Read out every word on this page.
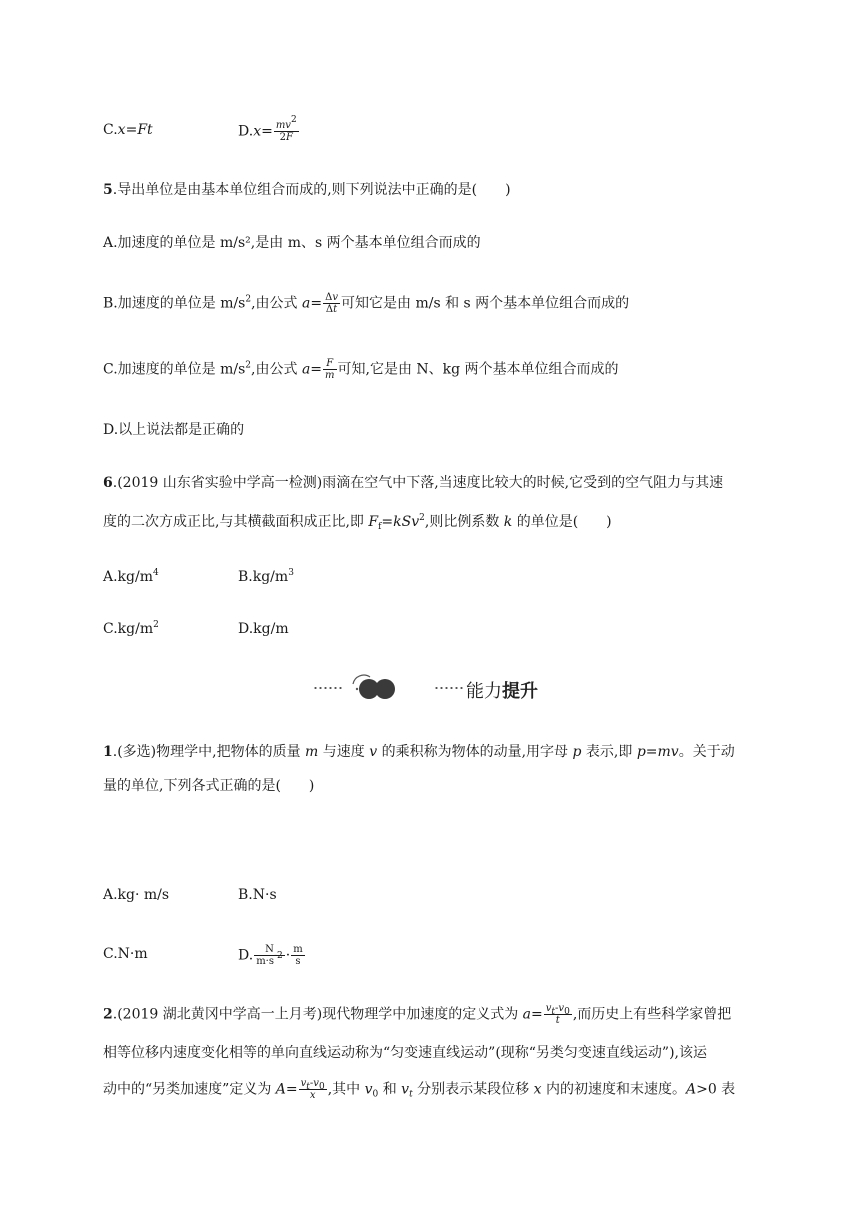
C.x=Ft	$D.x= \frac{mv^2}{2F}$
5.导出单位是由基本单位组合而成的,则下列说法中正确的是(　　)
A.加速度的单位是 m/s²,是由 m、s 两个基本单位组合而成的
B.加速度的单位是 $m/s^2$,由公式 $a= \frac{\Delta v}{\Delta t}$ 可知它是由 m/s 和 s 两个基本单位组合而成的
C.加速度的单位是 $m/s^2$,由公式 $a= \frac{F}{m}$ 可知,它是由 N、kg 两个基本单位组合而成的
D.以上说法都是正确的
6.(2019 山东省实验中学高一检测)雨滴在空气中下落,当速度比较大的时候,它受到的空气阻力与其速
度的二次方成正比,与其横截面积成正比,即 $F_f=kSv^2$,则比例系数 k 的单位是(　　)
$A.kg/m^4$	$B.kg/m^3$
$C.kg/m^2$	D.kg/m
能力提升
1.(多选)物理学中,把物体的质量 m 与速度 v 的乘积称为物体的动量,用字母 p 表示,即 p=mv。关于动
量的单位,下列各式正确的是(　　)
A.kg· m/s	B.N·s
C.N·m	D. $\frac{N}{m\cdot s^{-2}} \cdot \frac{m}{s}$
2.(2019 湖北黄冈中学高一上月考)现代物理学中加速度的定义式为 $a= \frac{v_t-v_0}{t}$ ,而历史上有些科学家曾把
相等位移内速度变化相等的单向直线运动称为“匀变速直线运动”(现称“另类匀变速直线运动”),该运
动中的“另类加速度”定义为 $A= \frac{v_t-v_0}{x}$ ,其中 $v_0$ 和 $v_t$ 分别表示某段位移 x 内的初速度和末速度。A>0 表
